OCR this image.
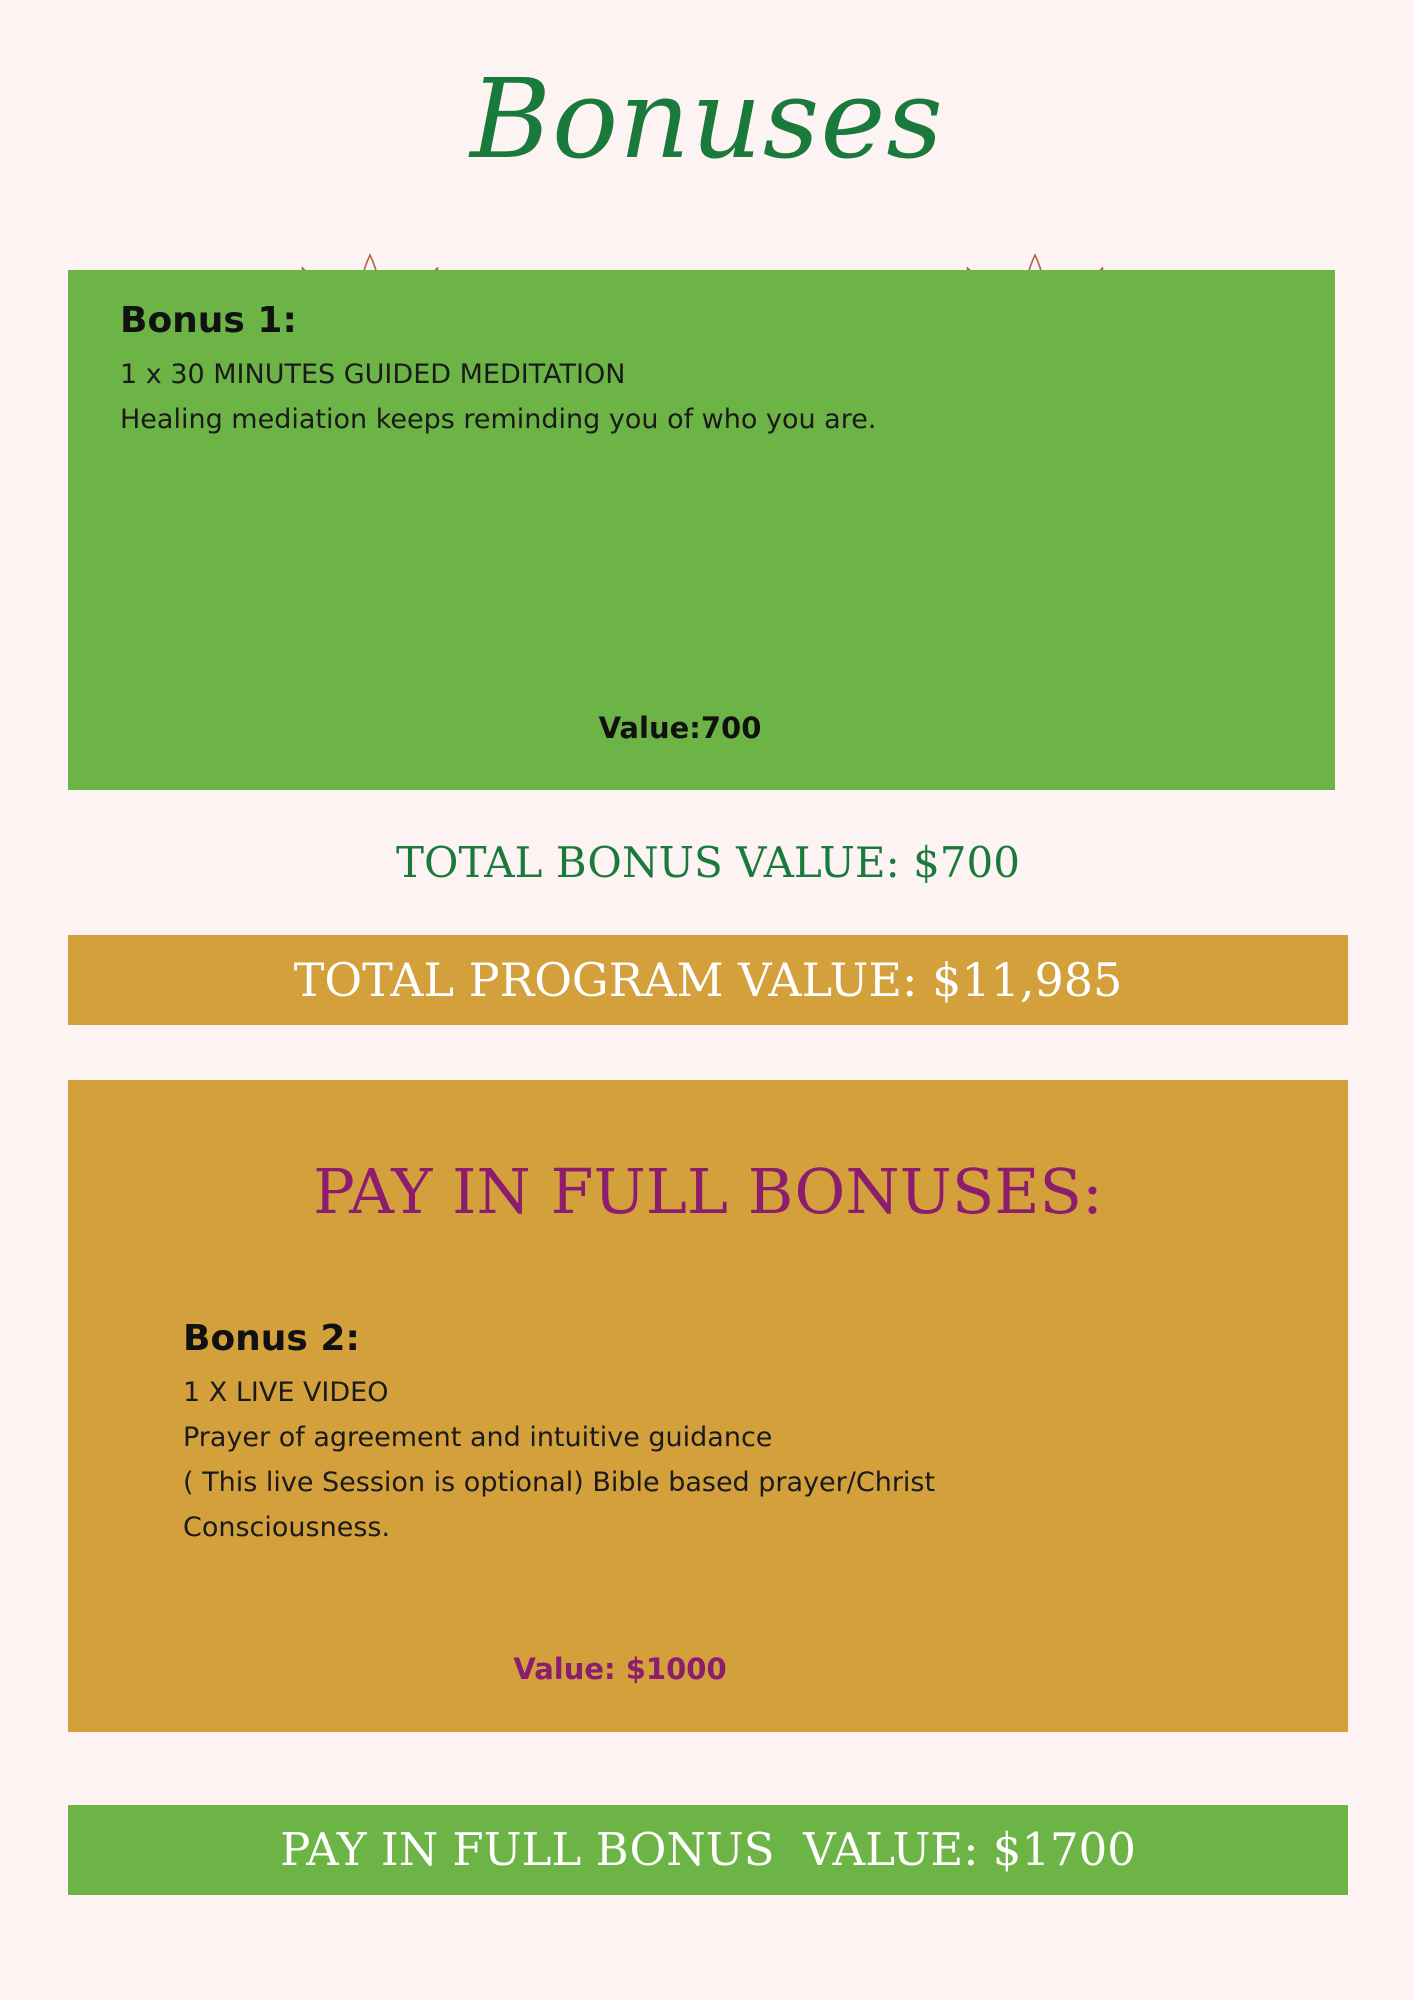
Bonuses
Bonus 1:
1 x 30 MINUTES GUIDED MEDITATION
Healing mediation keeps reminding you of who you are.
Value:700
TOTAL BONUS VALUE: $700
TOTAL PROGRAM VALUE: $11,985
PAY IN FULL BONUSES:
Bonus 2:
1 X LIVE VIDEO
Prayer of agreement and intuitive guidance
( This live Session is optional) Bible based prayer/Christ
Consciousness.
Value: $1000
PAY IN FULL BONUS  VALUE: $1700
